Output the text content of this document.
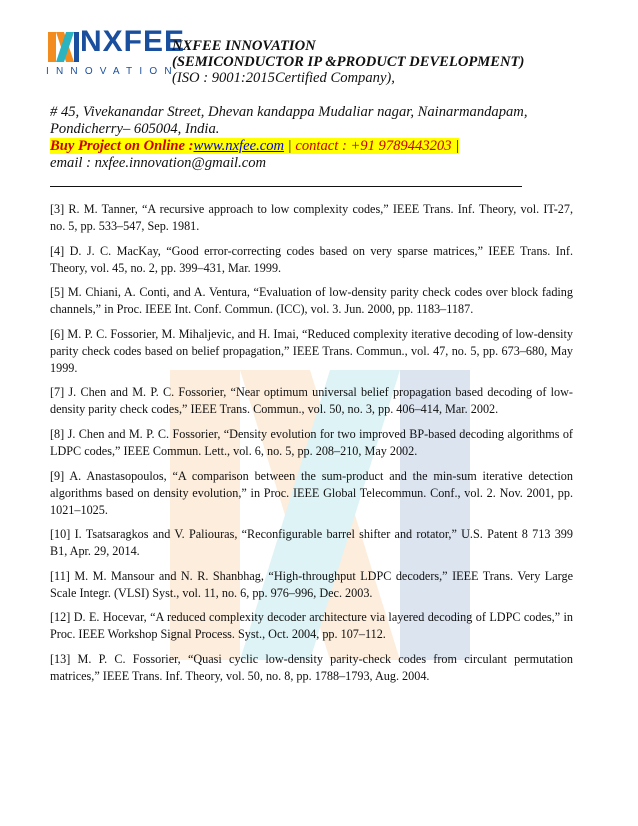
NXFEE
INNOVATION
NXFEE INNOVATION
(SEMICONDUCTOR IP &PRODUCT DEVELOPMENT)
(ISO : 9001:2015Certified Company),
# 45, Vivekanandar Street, Dhevan kandappa Mudaliar nagar, Nainarmandapam,
Pondicherry– 605004, India.
Buy Project on Online :www.nxfee.com | contact : +91 9789443203 |
email : nxfee.innovation@gmail.com

[3] R. M. Tanner, “A recursive approach to low complexity codes,” IEEE Trans. Inf. Theory, vol. IT-27, no. 5, pp. 533–547, Sep. 1981.

[4] D. J. C. MacKay, “Good error-correcting codes based on very sparse matrices,” IEEE Trans. Inf. Theory, vol. 45, no. 2, pp. 399–431, Mar. 1999.

[5] M. Chiani, A. Conti, and A. Ventura, “Evaluation of low-density parity check codes over block fading channels,” in Proc. IEEE Int. Conf. Commun. (ICC), vol. 3. Jun. 2000, pp. 1183–1187.

[6] M. P. C. Fossorier, M. Mihaljevic, and H. Imai, “Reduced complexity iterative decoding of low-density parity check codes based on belief propagation,” IEEE Trans. Commun., vol. 47, no. 5, pp. 673–680, May 1999.

[7] J. Chen and M. P. C. Fossorier, “Near optimum universal belief propagation based decoding of low-density parity check codes,” IEEE Trans. Commun., vol. 50, no. 3, pp. 406–414, Mar. 2002.

[8] J. Chen and M. P. C. Fossorier, “Density evolution for two improved BP-based decoding algorithms of LDPC codes,” IEEE Commun. Lett., vol. 6, no. 5, pp. 208–210, May 2002.

[9] A. Anastasopoulos, “A comparison between the sum-product and the min-sum iterative detection algorithms based on density evolution,” in Proc. IEEE Global Telecommun. Conf., vol. 2. Nov. 2001, pp. 1021–1025.

[10] I. Tsatsaragkos and V. Paliouras, “Reconfigurable barrel shifter and rotator,” U.S. Patent 8 713 399 B1, Apr. 29, 2014.

[11] M. M. Mansour and N. R. Shanbhag, “High-throughput LDPC decoders,” IEEE Trans. Very Large Scale Integr. (VLSI) Syst., vol. 11, no. 6, pp. 976–996, Dec. 2003.

[12] D. E. Hocevar, “A reduced complexity decoder architecture via layered decoding of LDPC codes,” in Proc. IEEE Workshop Signal Process. Syst., Oct. 2004, pp. 107–112.

[13] M. P. C. Fossorier, “Quasi cyclic low-density parity-check codes from circulant permutation matrices,” IEEE Trans. Inf. Theory, vol. 50, no. 8, pp. 1788–1793, Aug. 2004.
